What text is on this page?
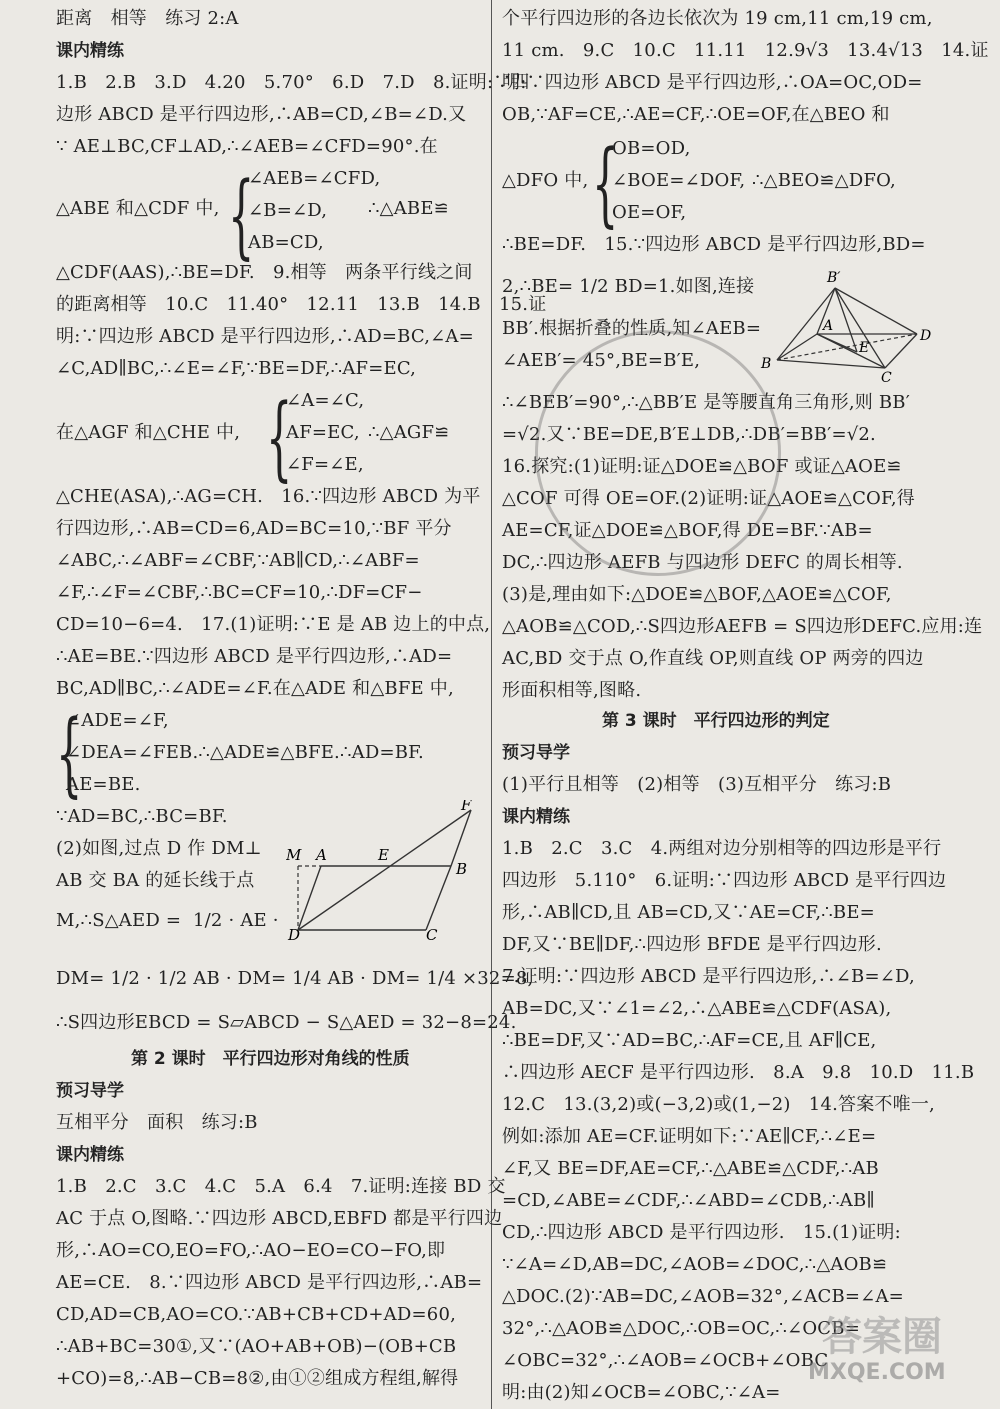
距离　相等　练习 2:A
课内精练
1.B　2.B　3.D　4.20　5.70°　6.D　7.D　8.证明:∵四
边形 ABCD 是平行四边形,∴AB=CD,∠B=∠D.又
∵ AE⊥BC,CF⊥AD,∴∠AEB=∠CFD=90°.在
△ABE 和△CDF 中, {
∠AEB=∠CFD,
∠B=∠D,
AB=CD,
∴△ABE≌
△CDF(AAS),∴BE=DF.　9.相等　两条平行线之间
的距离相等　10.C　11.40°　12.11　13.B　14.B　15.证
明:∵四边形 ABCD 是平行四边形,∴AD=BC,∠A=
∠C,AD∥BC,∴∠E=∠F,∵BE=DF,∴AF=EC,
在△AGF 和△CHE 中, {
∠A=∠C,
AF=EC,
∠F=∠E,
∴△AGF≌
△CHE(ASA),∴AG=CH.　16.∵四边形 ABCD 为平
行四边形,∴AB=CD=6,AD=BC=10,∵BF 平分
∠ABC,∴∠ABF=∠CBF,∵AB∥CD,∴∠ABF=
∠F,∴∠F=∠CBF,∴BC=CF=10,∴DF=CF−
CD=10−6=4.　17.(1)证明:∵E 是 AB 边上的中点,
∴AE=BE.∵四边形 ABCD 是平行四边形,∴AD=
BC,AD∥BC,∴∠ADE=∠F.在△ADE 和△BFE 中,
{
∠ADE=∠F,
∠DEA=∠FEB.∴△ADE≌△BFE.∴AD=BF.
AE=BE.
∵AD=BC,∴BC=BF.
(2)如图,过点 D 作 DM⊥
AB 交 BA 的延长线于点
M,∴S△AED =  1/2 · AE ·
M A	E
F
B
D	C
DM= 1/2 · 1/2 AB · DM= 1/4 AB · DM= 1/4 ×32=8,
∴S四边形EBCD = S▱ABCD − S△AED = 32−8=24.
第 2 课时　平行四边形对角线的性质
预习导学
互相平分　面积　练习:B
课内精练
1.B　2.C　3.C　4.C　5.A　6.4　7.证明:连接 BD 交
AC 于点 O,图略.∵四边形 ABCD,EBFD 都是平行四边
形,∴AO=CO,EO=FO,∴AO−EO=CO−FO,即
AE=CE.　8.∵四边形 ABCD 是平行四边形,∴AB=
CD,AD=CB,AO=CO.∵AB+CB+CD+AD=60,
∴AB+BC=30①,又∵(AO+AB+OB)−(OB+CB
+CO)=8,∴AB−CB=8②,由①②组成方程组,解得
个平行四边形的各边长依次为 19 cm,11 cm,19 cm,
11 cm.　9.C　10.C　11.11　12.9√3　13.4√13　14.证
明:∵四边形 ABCD 是平行四边形,∴OA=OC,OD=
OB,∵AF=CE,∴AE=CF,∴OE=OF,在△BEO 和
△DFO 中, {
OB=OD,
∠BOE=∠DOF,
OE=OF,
∴△BEO≌△DFO,
∴BE=DF.　15.∵四边形 ABCD 是平行四边形,BD=
2,∴BE= 1/2 BD=1.如图,连接
BB′.根据折叠的性质,知∠AEB=
∠AEB′= 45°,BE=B′E,
B′
A
D
E
B
C
∴∠BEB′=90°,∴△BB′E 是等腰直角三角形,则 BB′
=√2.又∵BE=DE,B′E⊥DB,∴DB′=BB′=√2.
16.探究:(1)证明:证△DOE≌△BOF 或证△AOE≌
△COF 可得 OE=OF.(2)证明:证△AOE≌△COF,得
AE=CF,证△DOE≌△BOF,得 DE=BF.∵AB=
DC,∴四边形 AEFB 与四边形 DEFC 的周长相等.
(3)是,理由如下:△DOE≌△BOF,△AOE≌△COF,
△AOB≌△COD,∴S四边形AEFB = S四边形DEFC.应用:连
AC,BD 交于点 O,作直线 OP,则直线 OP 两旁的四边
形面积相等,图略.
第 3 课时　平行四边形的判定
预习导学
(1)平行且相等　(2)相等　(3)互相平分　练习:B
课内精练
1.B　2.C　3.C　4.两组对边分别相等的四边形是平行
四边形　5.110°　6.证明:∵四边形 ABCD 是平行四边
形,∴AB∥CD,且 AB=CD,又∵AE=CF,∴BE=
DF,又∵BE∥DF,∴四边形 BFDE 是平行四边形.
7.证明:∵四边形 ABCD 是平行四边形,∴∠B=∠D,
AB=DC,又∵∠1=∠2,∴△ABE≌△CDF(ASA),
∴BE=DF,又∵AD=BC,∴AF=CE,且 AF∥CE,
∴四边形 AECF 是平行四边形.　8.A　9.8　10.D　11.B
12.C　13.(3,2)或(−3,2)或(1,−2)　14.答案不唯一,
例如:添加 AE=CF.证明如下:∵AE∥CF,∴∠E=
∠F,又 BE=DF,AE=CF,∴△ABE≌△CDF,∴AB
=CD,∠ABE=∠CDF,∴∠ABD=∠CDB,∴AB∥
CD,∴四边形 ABCD 是平行四边形.　15.(1)证明:
∵∠A=∠D,AB=DC,∠AOB=∠DOC,∴△AOB≌
△DOC.(2)∵AB=DC,∠AOB=32°,∠ACB=∠A=
32°,∴△AOB≌△DOC,∴OB=OC,∴∠OCB=
∠OBC=32°,∴∠AOB=∠OCB+∠OBC
明:由(2)知∠OCB=∠OBC,∵∠A=
答案圈
MXQE.COM
